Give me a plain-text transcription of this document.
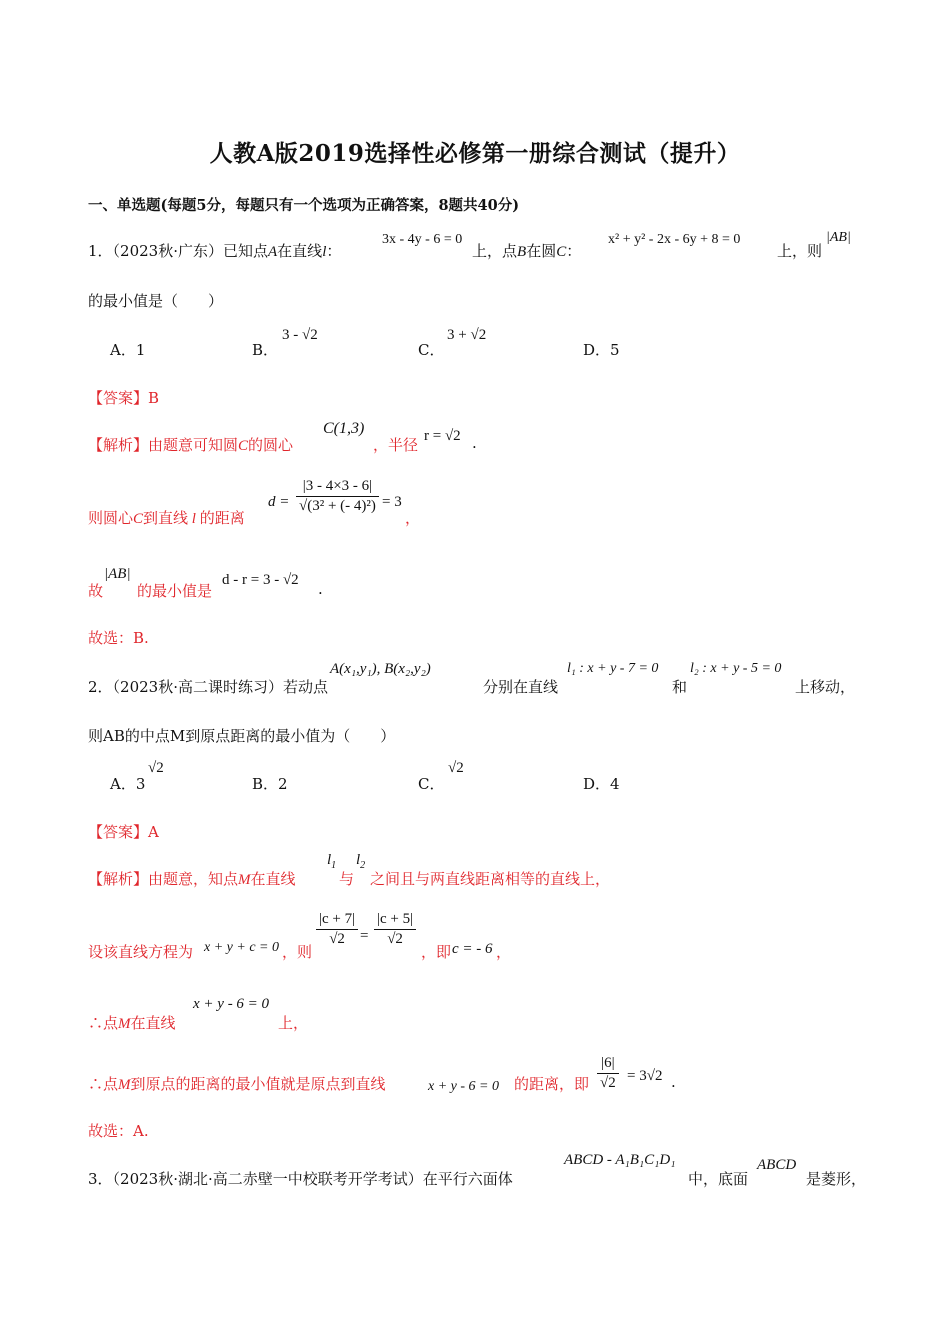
人教A版2019选择性必修第一册综合测试（提升）
一、单选题(每题5分，每题只有一个选项为正确答案，8题共40分)
1．（2023秋·广东）已知点A在直线l：
3x - 4y - 6 = 0
上，点B在圆C：
x² + y² - 2x - 6y + 8 = 0
上，则
|AB|
的最小值是（　　）
A．1	B．
3 - √2
C．
3 + √2
D．5
【答案】B
【解析】由题意可知圆C的圆心
C(1,3)
，半径 r = √2 .
则圆心C到直线 l 的距离
$d = \frac{|3 - 4\times 3 - 6|}{\text{√(3² + (- 4)²)}} = 3$
，
故
|AB|
的最小值是
d - r = 3 - √2 .
故选：B.
2．（2023秋·高二课时练习）若动点
A(x₁,y₁), B(x₂,y₂)
分别在直线
l₁ : x + y - 7 = 0
和
l₂ : x + y - 5 = 0
上移动，
则AB的中点M到原点距离的最小值为（　　）
A．3
√2
B．2	C．
√2
D．4
【答案】A
【解析】由题意，知点M在直线
$l_1$
与
$l_2$
之间且与两直线距离相等的直线上，
设该直线方程为 x + y + c = 0 ，则
$\frac{|c + 7|}{√2} = \frac{|c + 5|}{√2}$
，即 c = - 6 ，
∴点M在直线
x + y - 6 = 0
上，
∴点M到原点的距离的最小值就是原点到直线	x + y - 6 = 0 的距离，即 $\frac{|6|}{√2} = 3√2$ .
故选：A.
3．（2023秋·湖北·高二赤壁一中校联考开学考试）在平行六面体
ABCD - A₁B₁C₁D₁
中，底面
ABCD
是菱形，
